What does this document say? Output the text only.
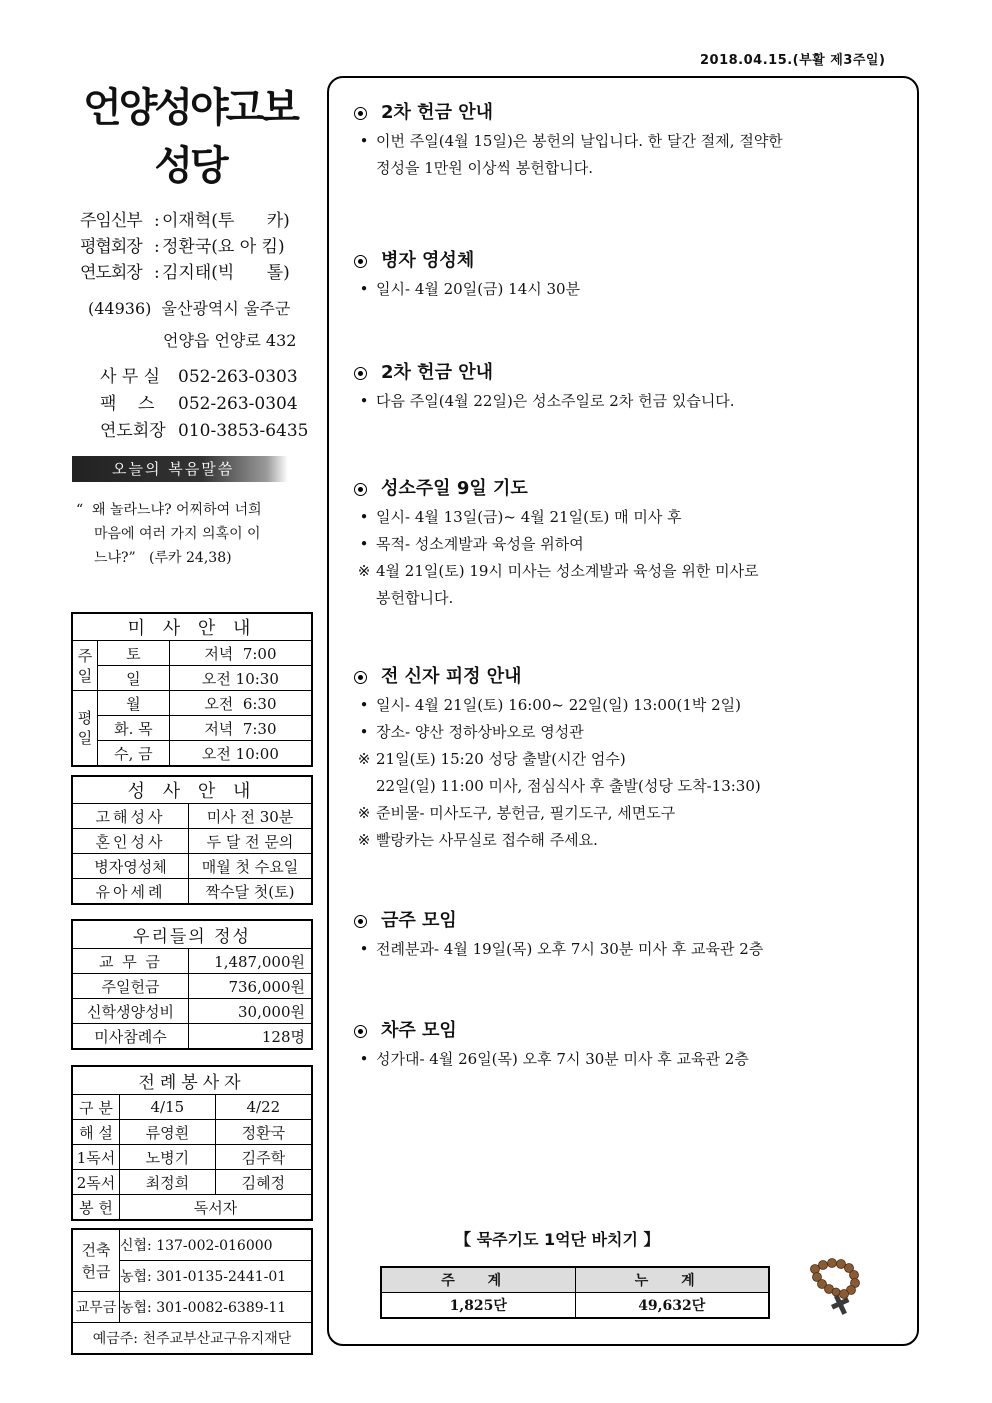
2018.04.15.(부활 제3주일)
언양성야고보
성당
주임신부 : 이재혁(투      카)
평협회장 : 정환국(요 아 킴)
연도회장 : 김지태(빅      톨)
(44936)  울산광역시 울주군
언양읍 언양로 432
사 무 실	052-263-0303
팩    스	052-263-0304
연도회장 010-3853-6435
오늘의 복음말씀
“ 왜 놀라느냐? 어찌하여 너희
마음에 여러 가지 의혹이 이
느냐?”   (루카 24,38)
미 사 안 내		
주일	토	저녁  7:00
	일	오전 10:30
평일	월	오전  6:30
	화. 목	저녁  7:30
	수, 금	오전 10:00
성 사 안 내	
고해성사	미사 전 30분
혼인성사	두 달 전 문의
병자영성체	매월 첫 수요일
유아세례	짝수달 첫(토)
우리들의 정성	
교 무 금	1,487,000원
주일헌금	736,000원
신학생양성비	30,000원
미사참례수	128명
전례봉사자		
구 분	4/15	4/22
해 설	류영흰	정환국
1독서	노병기	김주학
2독서	최정희	김혜정
봉 헌	독서자	
건축
헌금	신협: 137-002-016000
	농협: 301-0135-2441-01
교무금	농협: 301-0082-6389-11
예금주: 천주교부산교구유지재단	
2차 헌금 안내
• 이번 주일(4월 15일)은 봉헌의 날입니다. 한 달간 절제, 절약한
정성을 1만원 이상씩 봉헌합니다.
병자 영성체
• 일시- 4월 20일(금) 14시 30분
2차 헌금 안내
• 다음 주일(4월 22일)은 성소주일로 2차 헌금 있습니다.
성소주일 9일 기도
• 일시- 4월 13일(금)~ 4월 21일(토) 매 미사 후
• 목적- 성소계발과 육성을 위하여
※ 4월 21일(토) 19시 미사는 성소계발과 육성을 위한 미사로
봉헌합니다.
전 신자 피정 안내
• 일시- 4월 21일(토) 16:00~ 22일(일) 13:00(1박 2일)
• 장소- 양산 정하상바오로 영성관
※ 21일(토) 15:20 성당 출발(시간 엄수)
22일(일) 11:00 미사, 점심식사 후 출발(성당 도착-13:30)
※ 준비물- 미사도구, 봉헌금, 필기도구, 세면도구
※ 빨랑카는 사무실로 접수해 주세요.
금주 모임
• 전례분과- 4월 19일(목) 오후 7시 30분 미사 후 교육관 2층
차주 모임
• 성가대- 4월 26일(목) 오후 7시 30분 미사 후 교육관 2층
【 묵주기도 1억단 바치기 】
주 계	누 계
1,825단	49,632단
